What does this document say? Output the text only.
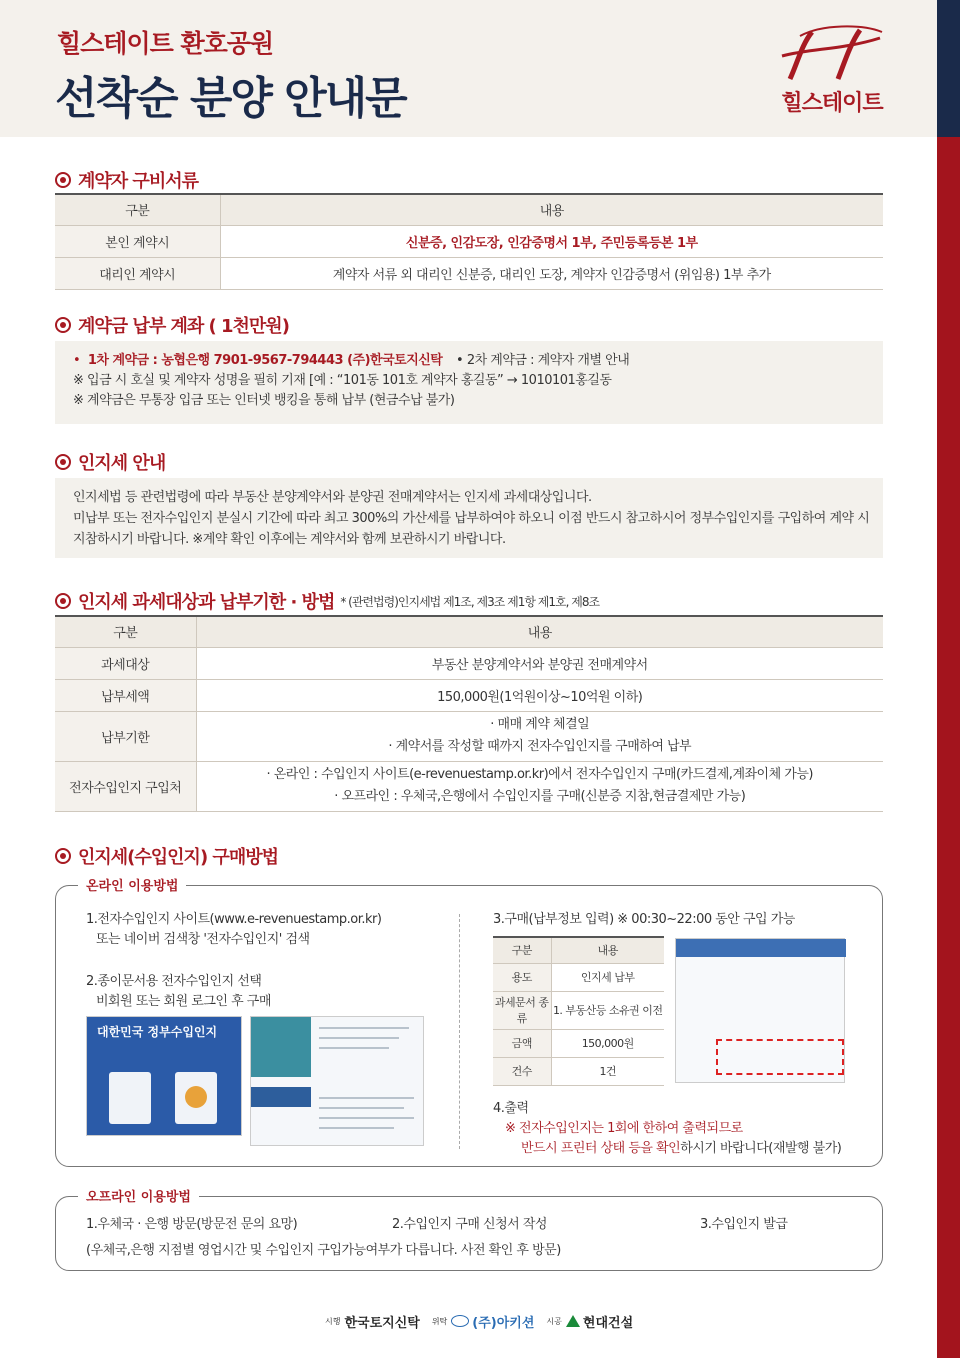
힐스테이트 환호공원
선착순 분양 안내문	힐스테이트
계약자 구비서류
구분	내용
본인 계약시	신분증, 인감도장, 인감증명서 1부, 주민등록등본 1부
대리인 계약시	계약자 서류 외 대리인 신분증, 대리인 도장, 계약자 인감증명서 (위임용) 1부 추가
계약금 납부 계좌 ( 1천만원)
• 1차 계약금 : 농협은행 7901-9567-794443 (주)한국토지신탁 • 2차 계약금 : 계약자 개별 안내
※ 입금 시 호실 및 계약자 성명을 필히 기재 [예 : “101동 101호 계약자 홍길동” → 1010101홍길동
※ 계약금은 무통장 입금 또는 인터넷 뱅킹을 통해 납부 (현금수납 불가)
인지세 안내
인지세법 등 관련법령에 따라 부동산 분양계약서와 분양권 전매계약서는 인지세 과세대상입니다.
미납부 또는 전자수입인지 분실시 기간에 따라 최고 300%의 가산세를 납부하여야 하오니 이점 반드시 참고하시어 정부수입인지를 구입하여 계약 시
지참하시기 바랍니다. ※계약 확인 이후에는 계약서와 함께 보관하시기 바랍니다.
인지세 과세대상과 납부기한 · 방법 * (관련법령)인지세법 제1조, 제3조 제1항 제1호, 제8조
구분	내용
과세대상	부동산 분양계약서와 분양권 전매계약서
납부세액	150,000원(1억원이상~10억원 이하)
납부기한	· 매매 계약 체결일
· 계약서를 작성할 때까지 전자수입인지를 구매하여 납부

전자수입인지 구입처	· 온라인 : 수입인지 사이트(e-revenuestamp.or.kr)에서 전자수입인지 구매(카드결제,계좌이체 가능)
· 오프라인 : 우체국,은행에서 수입인지를 구매(신분증 지참,현금결제만 가능)
인지세(수입인지) 구매방법
온라인 이용방법
1.전자수입인지 사이트(www.e-revenuestamp.or.kr)
또는 네이버 검색창 '전자수입인지' 검색
2.종이문서용 전자수입인지 선택
비회원 또는 회원 로그인 후 구매
대한민국 정부수입인지
3.구매(납부정보 입력) ※ 00:30~22:00 동안 구입 가능
구분	내용
용도	인지세 납부
과세문서 종류	1. 부동산등 소유권 이전
금액	150,000원
건수	1건
4.출력
※ 전자수입인지는 1회에 한하여 출력되므로
반드시 프린터 상태 등을 확인하시기 바랍니다(재발행 불가)
오프라인 이용방법
1.우체국 · 은행 방문(방문전 문의 요망)	2.수입인지 구매 신청서 작성	3.수입인지 발급
(우체국,은행 지점별 영업시간 및 수입인지 구입가능여부가 다릅니다. 사전 확인 후 방문)
시행 한국토지신탁 위탁 (주)아키션 시공 현대건설
